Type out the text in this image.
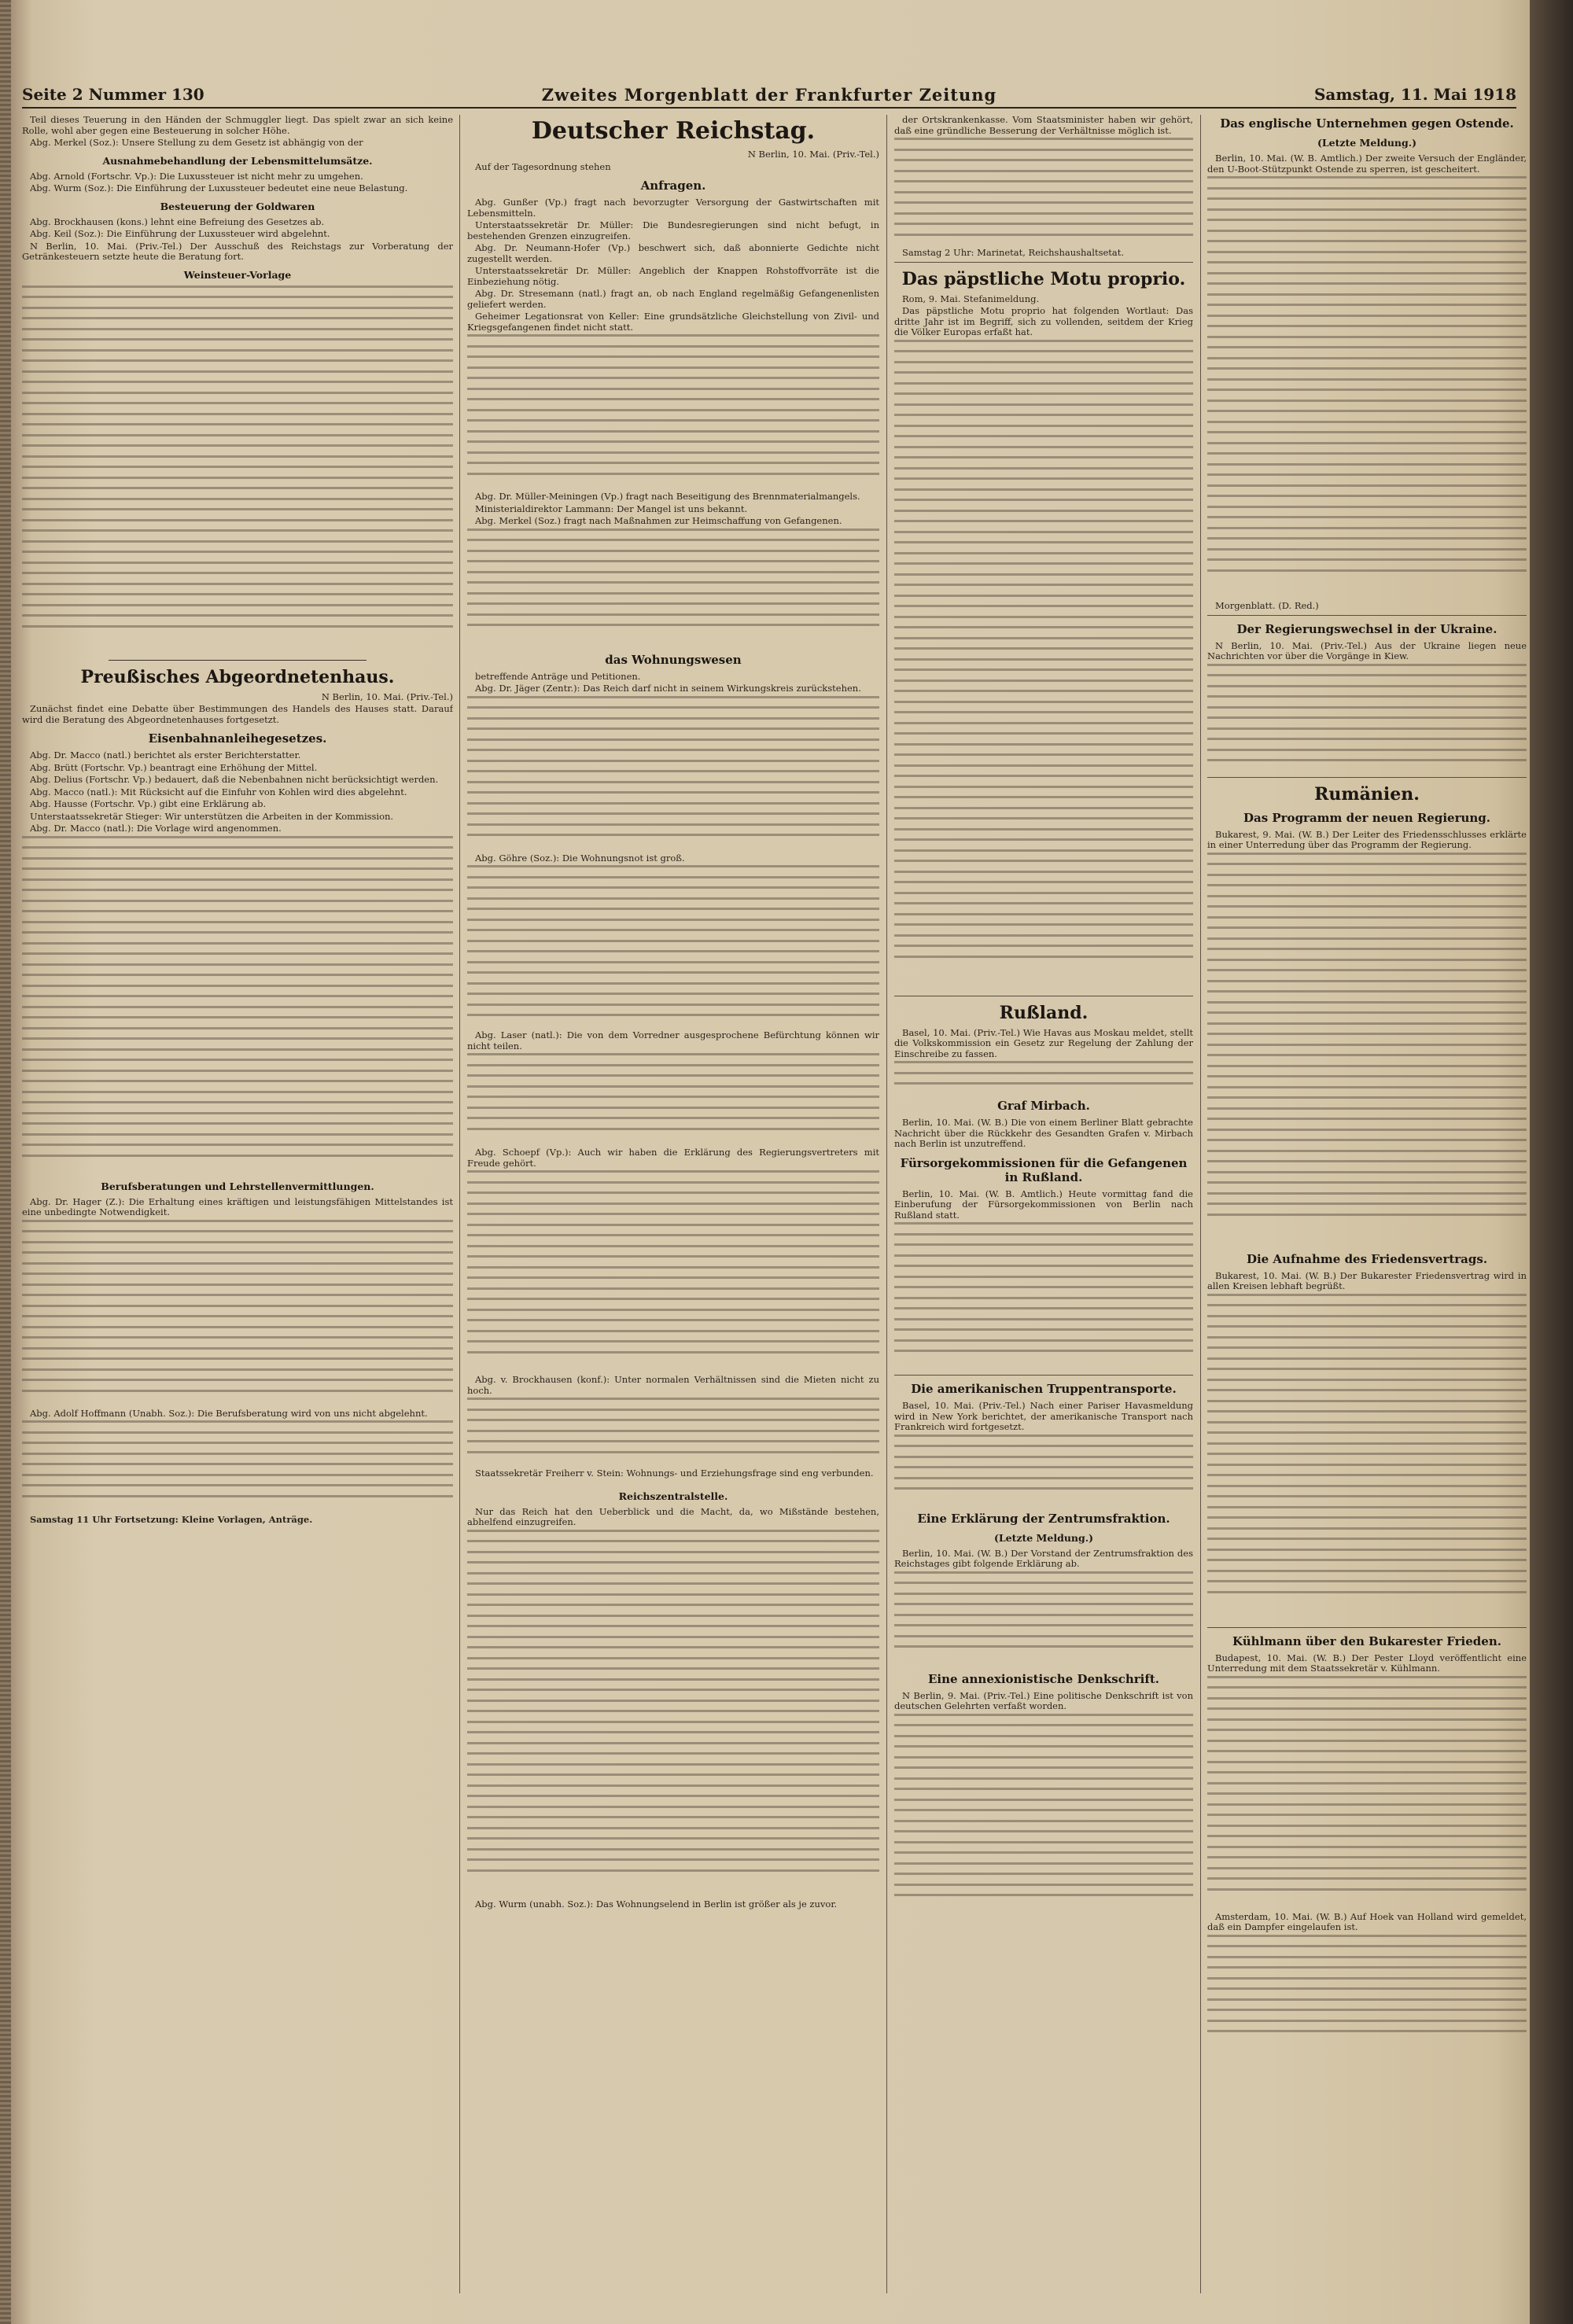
Seite 2 Nummer 130	Zweites Morgenblatt der Frankfurter Zeitung	Samstag, 11. Mai 1918

Teil dieses Teuerung in den Händen der Schmuggler liegt. Das spielt zwar an sich keine Rolle, wohl aber gegen eine Besteuerung in solcher Höhe.

Abg. Merkel (Soz.): Unsere Stellung zu dem Gesetz ist abhängig von der

Ausnahmebehandlung der Lebensmittelumsätze.

Abg. Arnold (Fortschr. Vp.): Die Luxussteuer ist nicht mehr zu umgehen.

Abg. Wurm (Soz.): Die Einführung der Luxussteuer bedeutet eine neue Belastung.

Besteuerung der Goldwaren

Abg. Brockhausen (kons.) lehnt eine Befreiung des Gesetzes ab.

Abg. Keil (Soz.): Die Einführung der Luxussteuer wird abgelehnt.

N Berlin, 10. Mai. (Priv.-Tel.) Der Ausschuß des Reichstags zur Vorberatung der Getränkesteuern setzte heute die Beratung fort.

Weinsteuer-Vorlage
Preußisches Abgeordnetenhaus.

N Berlin, 10. Mai. (Priv.-Tel.)

Zunächst findet eine Debatte über Bestimmungen des Handels des Hauses statt. Darauf wird die Beratung des Abgeordnetenhauses fortgesetzt.

Eisenbahnanleihegesetzes.

Abg. Dr. Macco (natl.) berichtet als erster Berichterstatter.

Abg. Brütt (Fortschr. Vp.) beantragt eine Erhöhung der Mittel.

Abg. Delius (Fortschr. Vp.) bedauert, daß die Nebenbahnen nicht berücksichtigt werden.

Abg. Macco (natl.): Mit Rücksicht auf die Einfuhr von Kohlen wird dies abgelehnt.

Abg. Hausse (Fortschr. Vp.) gibt eine Erklärung ab.

Unterstaatssekretär Stieger: Wir unterstützen die Arbeiten in der Kommission.

Abg. Dr. Macco (natl.): Die Vorlage wird angenommen.

Berufsberatungen und Lehrstellenvermittlungen.

Abg. Dr. Hager (Z.): Die Erhaltung eines kräftigen und leistungsfähigen Mittelstandes ist eine unbedingte Notwendigkeit.

Abg. Adolf Hoffmann (Unabh. Soz.): Die Berufsberatung wird von uns nicht abgelehnt.

Samstag 11 Uhr Fortsetzung: Kleine Vorlagen, Anträge.

Deutscher Reichstag.

N Berlin, 10. Mai. (Priv.-Tel.)

Auf der Tagesordnung stehen

Anfragen.

Abg. Gunßer (Vp.) fragt nach bevorzugter Versorgung der Gastwirtschaften mit Lebensmitteln.

Unterstaatssekretär Dr. Müller: Die Bundesregierungen sind nicht befugt, in bestehenden Grenzen einzugreifen.

Abg. Dr. Neumann-Hofer (Vp.) beschwert sich, daß abonnierte Gedichte nicht zugestellt werden.

Unterstaatssekretär Dr. Müller: Angeblich der Knappen Rohstoffvorräte ist die Einbeziehung nötig.

Abg. Dr. Stresemann (natl.) fragt an, ob nach England regelmäßig Gefangenenlisten geliefert werden.

Geheimer Legationsrat von Keller: Eine grundsätzliche Gleichstellung von Zivil- und Kriegsgefangenen findet nicht statt.

Abg. Dr. Müller-Meiningen (Vp.) fragt nach Beseitigung des Brennmaterialmangels.

Ministerialdirektor Lammann: Der Mangel ist uns bekannt.

Abg. Merkel (Soz.) fragt nach Maßnahmen zur Heimschaffung von Gefangenen.

das Wohnungswesen

betreffende Anträge und Petitionen.

Abg. Dr. Jäger (Zentr.): Das Reich darf nicht in seinem Wirkungskreis zurückstehen.

Abg. Göhre (Soz.): Die Wohnungsnot ist groß.

Abg. Laser (natl.): Die von dem Vorredner ausgesprochene Befürchtung können wir nicht teilen.

Abg. Schoepf (Vp.): Auch wir haben die Erklärung des Regierungsvertreters mit Freude gehört.

Abg. v. Brockhausen (konf.): Unter normalen Verhältnissen sind die Mieten nicht zu hoch.

Staatssekretär Freiherr v. Stein: Wohnungs- und Erziehungsfrage sind eng verbunden.

Reichszentralstelle.

Nur das Reich hat den Ueberblick und die Macht, da, wo Mißstände bestehen, abhelfend einzugreifen.

Abg. Wurm (unabh. Soz.): Das Wohnungselend in Berlin ist größer als je zuvor.

der Ortskrankenkasse. Vom Staatsminister haben wir gehört, daß eine gründliche Besserung der Verhältnisse möglich ist.

Samstag 2 Uhr: Marinetat, Reichshaushaltsetat.

Das päpstliche Motu proprio.

Rom, 9. Mai. Stefanimeldung.

Das päpstliche Motu proprio hat folgenden Wortlaut: Das dritte Jahr ist im Begriff, sich zu vollenden, seitdem der Krieg die Völker Europas erfaßt hat.

Rußland.

Basel, 10. Mai. (Priv.-Tel.) Wie Havas aus Moskau meldet, stellt die Volkskommission ein Gesetz zur Regelung der Zahlung der Einschreibe zu fassen.

Graf Mirbach.

Berlin, 10. Mai. (W. B.) Die von einem Berliner Blatt gebrachte Nachricht über die Rückkehr des Gesandten Grafen v. Mirbach nach Berlin ist unzutreffend.

Fürsorgekommissionen für die Gefangenen in Rußland.

Berlin, 10. Mai. (W. B. Amtlich.) Heute vormittag fand die Einberufung der Fürsorgekommissionen von Berlin nach Rußland statt.

Die amerikanischen Truppentransporte.

Basel, 10. Mai. (Priv.-Tel.) Nach einer Pariser Havasmeldung wird in New York berichtet, der amerikanische Transport nach Frankreich wird fortgesetzt.

Eine Erklärung der Zentrumsfraktion.
(Letzte Meldung.)

Berlin, 10. Mai. (W. B.) Der Vorstand der Zentrumsfraktion des Reichstages gibt folgende Erklärung ab.

Eine annexionistische Denkschrift.

N Berlin, 9. Mai. (Priv.-Tel.) Eine politische Denkschrift ist von deutschen Gelehrten verfaßt worden.

Das englische Unternehmen gegen Ostende.
(Letzte Meldung.)

Berlin, 10. Mai. (W. B. Amtlich.) Der zweite Versuch der Engländer, den U-Boot-Stützpunkt Ostende zu sperren, ist gescheitert.

Morgenblatt. (D. Red.)

Der Regierungswechsel in der Ukraine.

N Berlin, 10. Mai. (Priv.-Tel.) Aus der Ukraine liegen neue Nachrichten vor über die Vorgänge in Kiew.

Rumänien.
Das Programm der neuen Regierung.

Bukarest, 9. Mai. (W. B.) Der Leiter des Friedensschlusses erklärte in einer Unterredung über das Programm der Regierung.

Die Aufnahme des Friedensvertrags.

Bukarest, 10. Mai. (W. B.) Der Bukarester Friedensvertrag wird in allen Kreisen lebhaft begrüßt.

Kühlmann über den Bukarester Frieden.

Budapest, 10. Mai. (W. B.) Der Pester Lloyd veröffentlicht eine Unterredung mit dem Staatssekretär v. Kühlmann.

Amsterdam, 10. Mai. (W. B.) Auf Hoek van Holland wird gemeldet, daß ein Dampfer eingelaufen ist.
